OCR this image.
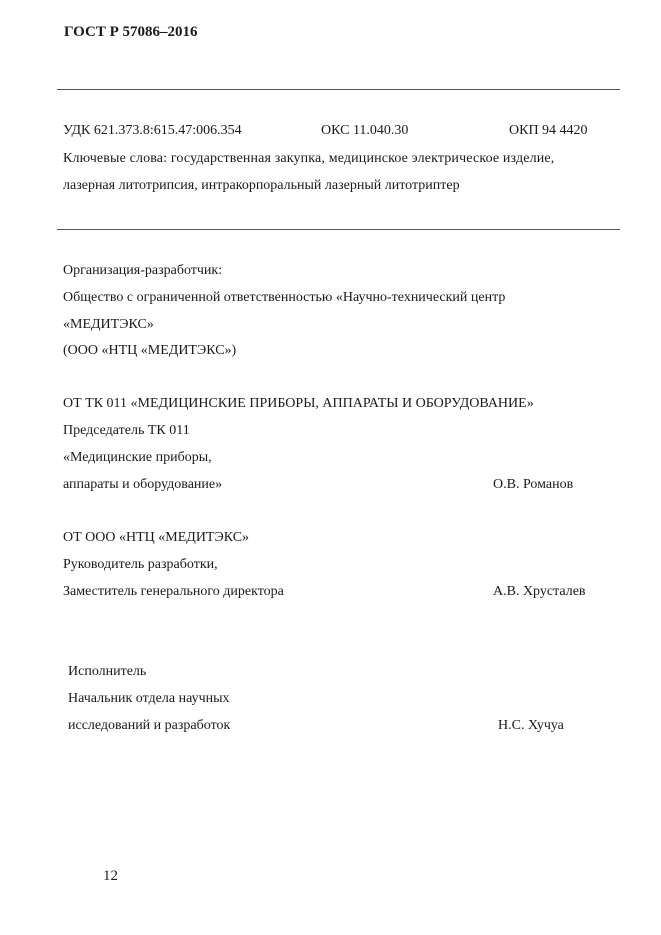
ГОСТ Р 57086–2016
УДК 621.373.8:615.47:006.354	ОКС 11.040.30	ОКП 94 4420
Ключевые слова: государственная закупка, медицинское электрическое изделие,
лазерная литотрипсия, интракорпоральный лазерный литотриптер
Организация-разработчик:
Общество с ограниченной ответственностью «Научно-технический центр
«МЕДИТЭКС»
(ООО «НТЦ «МЕДИТЭКС»)
ОТ ТК 011 «МЕДИЦИНСКИЕ ПРИБОРЫ, АППАРАТЫ И ОБОРУДОВАНИЕ»
Председатель ТК 011
«Медицинские приборы,
аппараты и оборудование»	О.В. Романов
ОТ ООО «НТЦ «МЕДИТЭКС»
Руководитель разработки,
Заместитель генерального директора	А.В. Хрусталев
Исполнитель
Начальник отдела научных
исследований и разработок	Н.С. Хучуа
12
